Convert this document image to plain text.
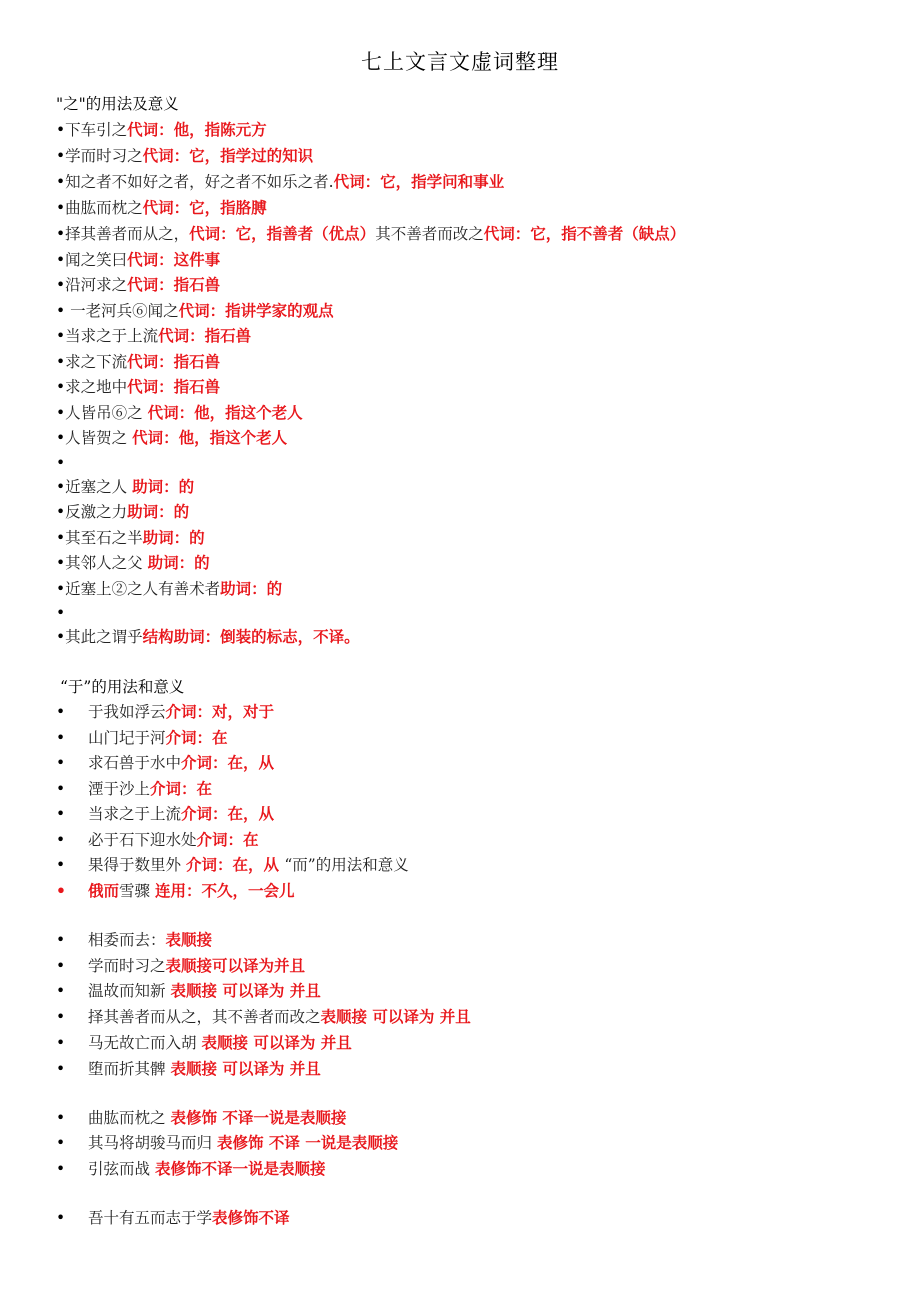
七上文言文虚词整理
"之"的用法及意义
•下车引之代词：他，指陈元方
•学而时习之代词：它，指学过的知识
•知之者不如好之者，好之者不如乐之者.代词：它，指学问和事业
•曲肱而枕之代词：它，指胳膊
•择其善者而从之，代词：它，指善者（优点）其不善者而改之代词：它，指不善者（缺点）
•闻之笑曰代词：这件事
•沿河求之代词：指石兽
• 一老河兵⑥闻之代词：指讲学家的观点
•当求之于上流代词：指石兽
•求之下流代词：指石兽
•求之地中代词：指石兽
•人皆吊⑥之 代词：他，指这个老人
•人皆贺之 代词：他，指这个老人
•
•近塞之人 助词：的
•反激之力助词：的
•其至石之半助词：的
•其邻人之父 助词：的
•近塞上②之人有善术者助词：的
•
•其此之谓乎结构助词：倒装的标志，不译。
“于”的用法和意义
• 于我如浮云介词：对，对于
• 山门圮于河介词：在
• 求石兽于水中介词：在，从
• 湮于沙上介词：在
• 当求之于上流介词：在，从
• 必于石下迎水处介词：在
• 果得于数里外 介词：在，从 “而”的用法和意义
• 俄而雪骤 连用：不久，一会儿
• 相委而去：表顺接
• 学而时习之表顺接可以译为并且
• 温故而知新 表顺接 可以译为 并且
• 择其善者而从之，其不善者而改之表顺接 可以译为 并且
• 马无故亡而入胡 表顺接 可以译为 并且
• 堕而折其髀 表顺接 可以译为 并且
• 曲肱而枕之 表修饰 不译一说是表顺接
• 其马将胡骏马而归 表修饰 不译 一说是表顺接
• 引弦而战 表修饰不译一说是表顺接
• 吾十有五而志于学表修饰不译
